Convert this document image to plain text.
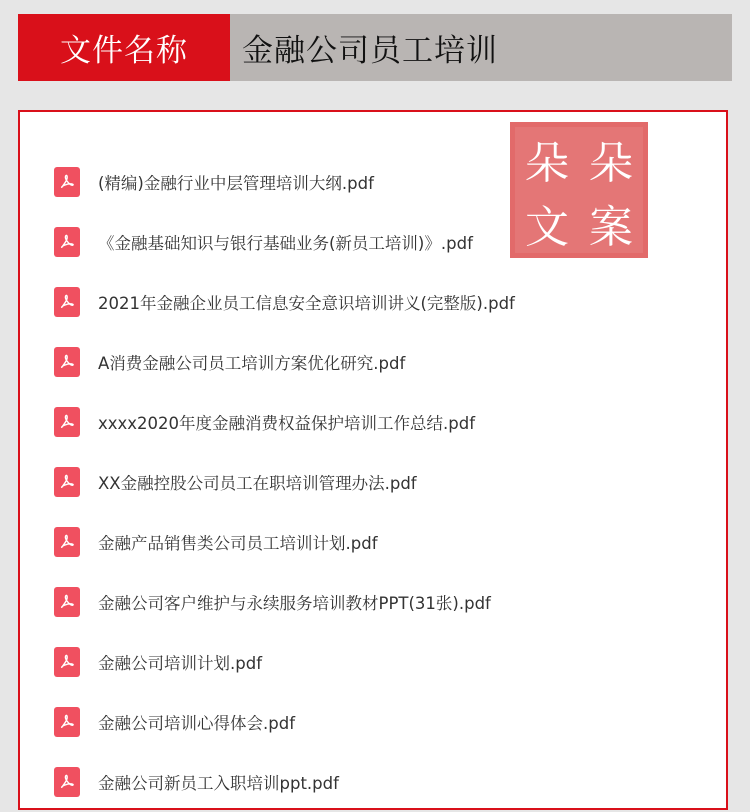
文件名称	金融公司员工培训
(精编)金融行业中层管理培训大纲.pdf
《金融基础知识与银行基础业务(新员工培训)》.pdf
2021年金融企业员工信息安全意识培训讲义(完整版).pdf
A消费金融公司员工培训方案优化研究.pdf
xxxx2020年度金融消费权益保护培训工作总结.pdf
XX金融控股公司员工在职培训管理办法.pdf
金融产品销售类公司员工培训计划.pdf
金融公司客户维护与永续服务培训教材PPT(31张).pdf
金融公司培训计划.pdf
金融公司培训心得体会.pdf
金融公司新员工入职培训ppt.pdf
朵 朵
文 案
